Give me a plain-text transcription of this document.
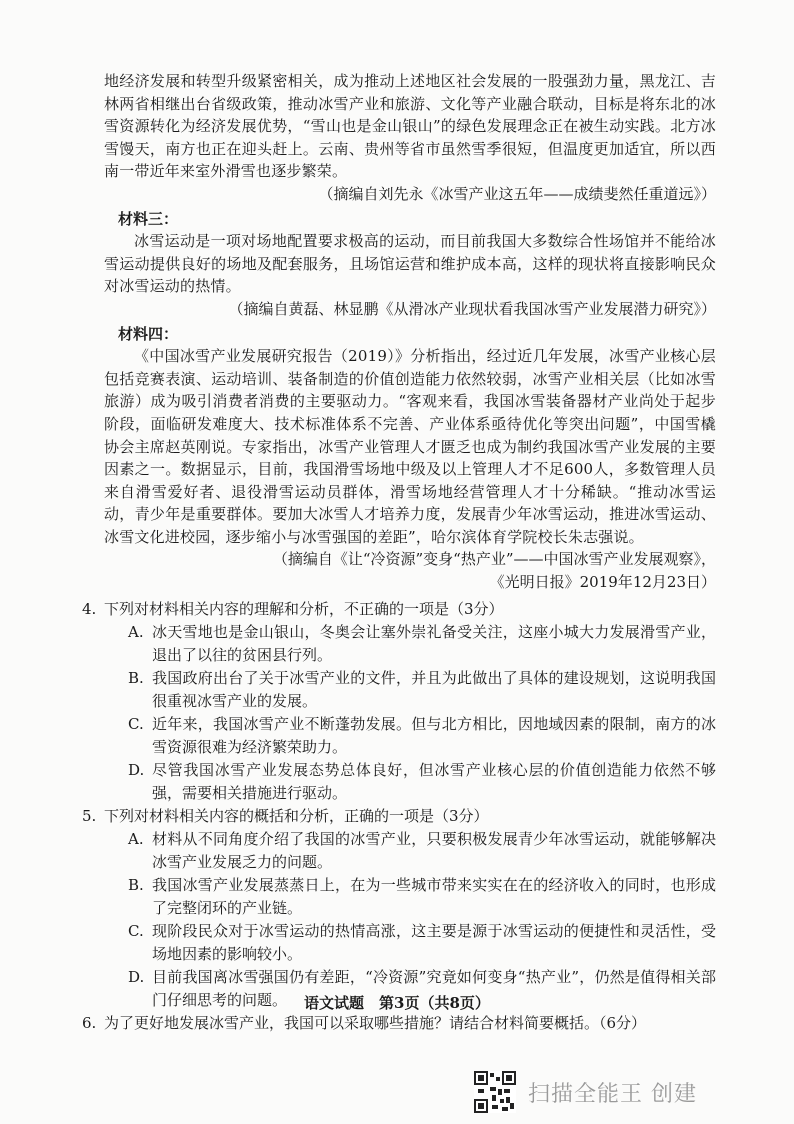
地经济发展和转型升级紧密相关，成为推动上述地区社会发展的一股强劲力量，黑龙江、吉林两省相继出台省级政策，推动冰雪产业和旅游、文化等产业融合联动，目标是将东北的冰雪资源转化为经济发展优势，“雪山也是金山银山”的绿色发展理念正在被生动实践。北方冰雪馒天，南方也正在迎头赶上。云南、贵州等省市虽然雪季很短，但温度更加适宜，所以西南一带近年来室外滑雪也逐步繁荣。

（摘编自刘先永《冰雪产业这五年——成绩斐然任重道远》）

材料三：

冰雪运动是一项对场地配置要求极高的运动，而目前我国大多数综合性场馆并不能给冰雪运动提供良好的场地及配套服务，且场馆运营和维护成本高，这样的现状将直接影响民众对冰雪运动的热情。

（摘编自黄磊、林显鹏《从滑冰产业现状看我国冰雪产业发展潜力研究》）

材料四：

《中国冰雪产业发展研究报告（2019）》分析指出，经过近几年发展，冰雪产业核心层包括竞赛表演、运动培训、装备制造的价值创造能力依然较弱，冰雪产业相关层（比如冰雪旅游）成为吸引消费者消费的主要驱动力。“客观来看，我国冰雪装备器材产业尚处于起步阶段，面临研发难度大、技术标准体系不完善、产业体系亟待优化等突出问题”，中国雪橇协会主席赵英刚说。专家指出，冰雪产业管理人才匮乏也成为制约我国冰雪产业发展的主要因素之一。数据显示，目前，我国滑雪场地中级及以上管理人才不足600人，多数管理人员来自滑雪爱好者、退役滑雪运动员群体，滑雪场地经营管理人才十分稀缺。“推动冰雪运动，青少年是重要群体。要加大冰雪人才培养力度，发展青少年冰雪运动，推进冰雪运动、冰雪文化进校园，逐步缩小与冰雪强国的差距”，哈尔滨体育学院校长朱志强说。

（摘编自《让“冷资源”变身“热产业”——中国冰雪产业发展观察》，

《光明日报》2019年12月23日）

4. 下列对材料相关内容的理解和分析，不正确的一项是（3分）

A. 冰天雪地也是金山银山，冬奥会让塞外崇礼备受关注，这座小城大力发展滑雪产业，退出了以往的贫困县行列。

B. 我国政府出台了关于冰雪产业的文件，并且为此做出了具体的建设规划，这说明我国很重视冰雪产业的发展。

C. 近年来，我国冰雪产业不断蓬勃发展。但与北方相比，因地域因素的限制，南方的冰雪资源很难为经济繁荣助力。

D. 尽管我国冰雪产业发展态势总体良好，但冰雪产业核心层的价值创造能力依然不够强，需要相关措施进行驱动。

5. 下列对材料相关内容的概括和分析，正确的一项是（3分）

A. 材料从不同角度介绍了我国的冰雪产业，只要积极发展青少年冰雪运动，就能够解决冰雪产业发展乏力的问题。

B. 我国冰雪产业发展蒸蒸日上，在为一些城市带来实实在在的经济收入的同时，也形成了完整闭环的产业链。

C. 现阶段民众对于冰雪运动的热情高涨，这主要是源于冰雪运动的便捷性和灵活性，受场地因素的影响较小。

D. 目前我国离冰雪强国仍有差距，“冷资源”究竟如何变身“热产业”，仍然是值得相关部门仔细思考的问题。

6. 为了更好地发展冰雪产业，我国可以采取哪些措施？请结合材料简要概括。（6分）

语文试题　第3页（共8页）
扫描全能王 创建
